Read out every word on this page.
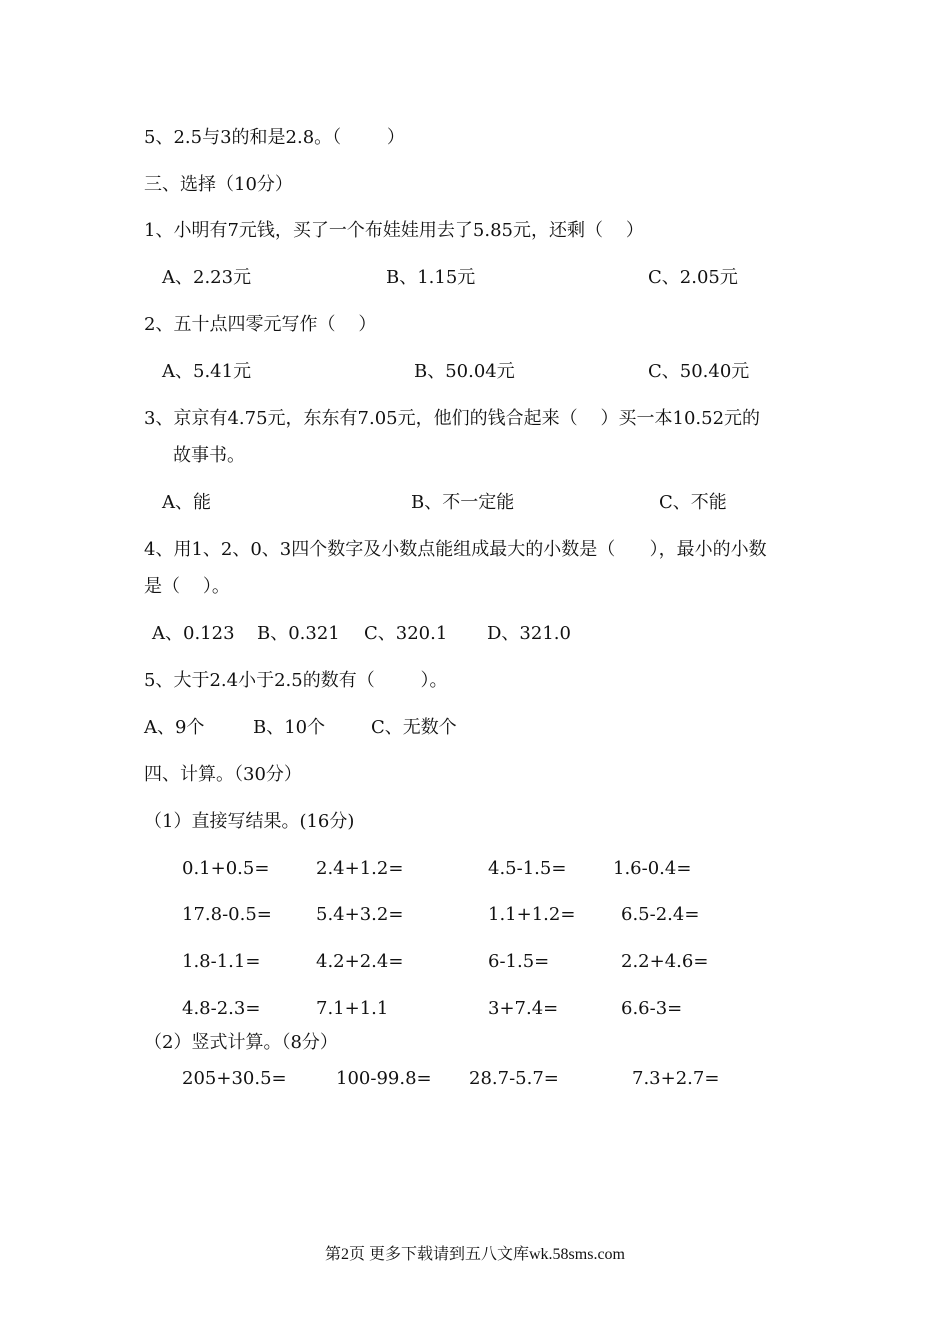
5、2.5与3的和是2.8。（        ）
三、选择（10分）
1、小明有7元钱，买了一个布娃娃用去了5.85元，还剩（    ）
A、2.23元	B、1.15元	C、2.05元
2、五十点四零元写作（    ）
A、5.41元	B、50.04元	C、50.40元
3、京京有4.75元，东东有7.05元，他们的钱合起来（    ）买一本10.52元的
故事书。
A、能	B、不一定能	C、不能
4、用1、2、0、3四个数字及小数点能组成最大的小数是（      ），最小的小数
是（    ）。
A、0.123 B、0.321 C、320.1 D、321.0
5、大于2.4小于2.5的数有（        ）。
A、9个	B、10个	C、无数个
四、计算。（30分）
（1）直接写结果。(16分)
0.1+0.5=	2.4+1.2=	4.5-1.5=	1.6-0.4=
17.8-0.5= 5.4+3.2=	1.1+1.2=	6.5-2.4=
1.8-1.1=	4.2+2.4=	6-1.5=	2.2+4.6=
4.8-2.3=	7.1+1.1	3+7.4=	6.6-3=
（2）竖式计算。（8分）
205+30.5=	100-99.8= 28.7-5.7=	7.3+2.7=
第2页 更多下载请到五八文库wk.58sms.com
